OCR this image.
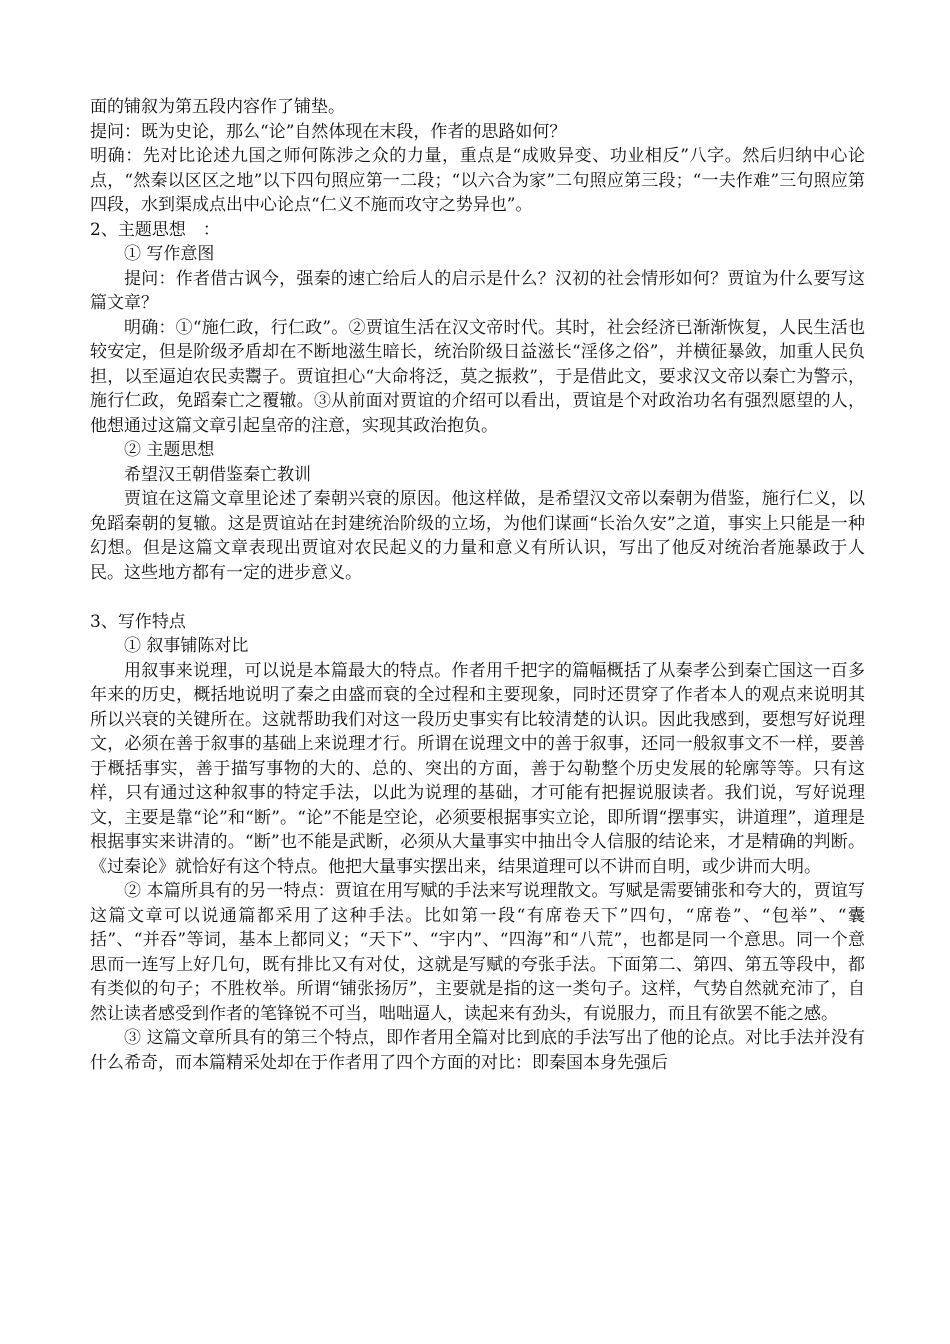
面的铺叙为第五段内容作了铺垫。

提问：既为史论，那么“论”自然体现在末段，作者的思路如何？

明确：先对比论述九国之师何陈涉之众的力量，重点是“成败异变、功业相反”八字。然后归纳中心论点，“然秦以区区之地”以下四句照应第一二段；“以六合为家”二句照应第三段；“一夫作难”三句照应第四段，水到渠成点出中心论点“仁义不施而攻守之势异也”。

2、主题思想　：

① 写作意图

提问：作者借古讽今，强秦的速亡给后人的启示是什么？汉初的社会情形如何？贾谊为什么要写这篇文章？

明确：①“施仁政，行仁政”。②贾谊生活在汉文帝时代。其时，社会经济已渐渐恢复，人民生活也较安定，但是阶级矛盾却在不断地滋生暗长，统治阶级日益滋长“淫侈之俗”，并横征暴敛，加重人民负担，以至逼迫农民卖鬻子。贾谊担心“大命将泛，莫之振救”，于是借此文，要求汉文帝以秦亡为警示，施行仁政，免蹈秦亡之覆辙。③从前面对贾谊的介绍可以看出，贾谊是个对政治功名有强烈愿望的人，他想通过这篇文章引起皇帝的注意，实现其政治抱负。

② 主题思想

希望汉王朝借鉴秦亡教训

贾谊在这篇文章里论述了秦朝兴衰的原因。他这样做，是希望汉文帝以秦朝为借鉴，施行仁义，以免蹈秦朝的复辙。这是贾谊站在封建统治阶级的立场，为他们谋画“长治久安”之道，事实上只能是一种幻想。但是这篇文章表现出贾谊对农民起义的力量和意义有所认识，写出了他反对统治者施暴政于人民。这些地方都有一定的进步意义。

3、写作特点

① 叙事铺陈对比

用叙事来说理，可以说是本篇最大的特点。作者用千把字的篇幅概括了从秦孝公到秦亡国这一百多年来的历史，概括地说明了秦之由盛而衰的全过程和主要现象，同时还贯穿了作者本人的观点来说明其所以兴衰的关键所在。这就帮助我们对这一段历史事实有比较清楚的认识。因此我感到，要想写好说理文，必须在善于叙事的基础上来说理才行。所谓在说理文中的善于叙事，还同一般叙事文不一样，要善于概括事实，善于描写事物的大的、总的、突出的方面，善于勾勒整个历史发展的轮廓等等。只有这样，只有通过这种叙事的特定手法，以此为说理的基础，才可能有把握说服读者。我们说，写好说理文，主要是靠“论”和“断”。“论”不能是空论，必须要根据事实立论，即所谓“摆事实，讲道理”，道理是根据事实来讲清的。“断”也不能是武断，必须从大量事实中抽出令人信服的结论来，才是精确的判断。《过秦论》就恰好有这个特点。他把大量事实摆出来，结果道理可以不讲而自明，或少讲而大明。

② 本篇所具有的另一特点：贾谊在用写赋的手法来写说理散文。写赋是需要铺张和夸大的，贾谊写这篇文章可以说通篇都采用了这种手法。比如第一段“有席卷天下”四句，“席卷”、“包举”、“囊括”、“并吞”等词，基本上都同义；“天下”、“宇内”、“四海”和“八荒”，也都是同一个意思。同一个意思而一连写上好几句，既有排比又有对仗，这就是写赋的夸张手法。下面第二、第四、第五等段中，都有类似的句子；不胜枚举。所谓“铺张扬厉”，主要就是指的这一类句子。这样，气势自然就充沛了，自然让读者感受到作者的笔锋锐不可当，咄咄逼人，读起来有劲头，有说服力，而且有欲罢不能之感。

③ 这篇文章所具有的第三个特点，即作者用全篇对比到底的手法写出了他的论点。对比手法并没有什么希奇，而本篇精采处却在于作者用了四个方面的对比：即秦国本身先强后
